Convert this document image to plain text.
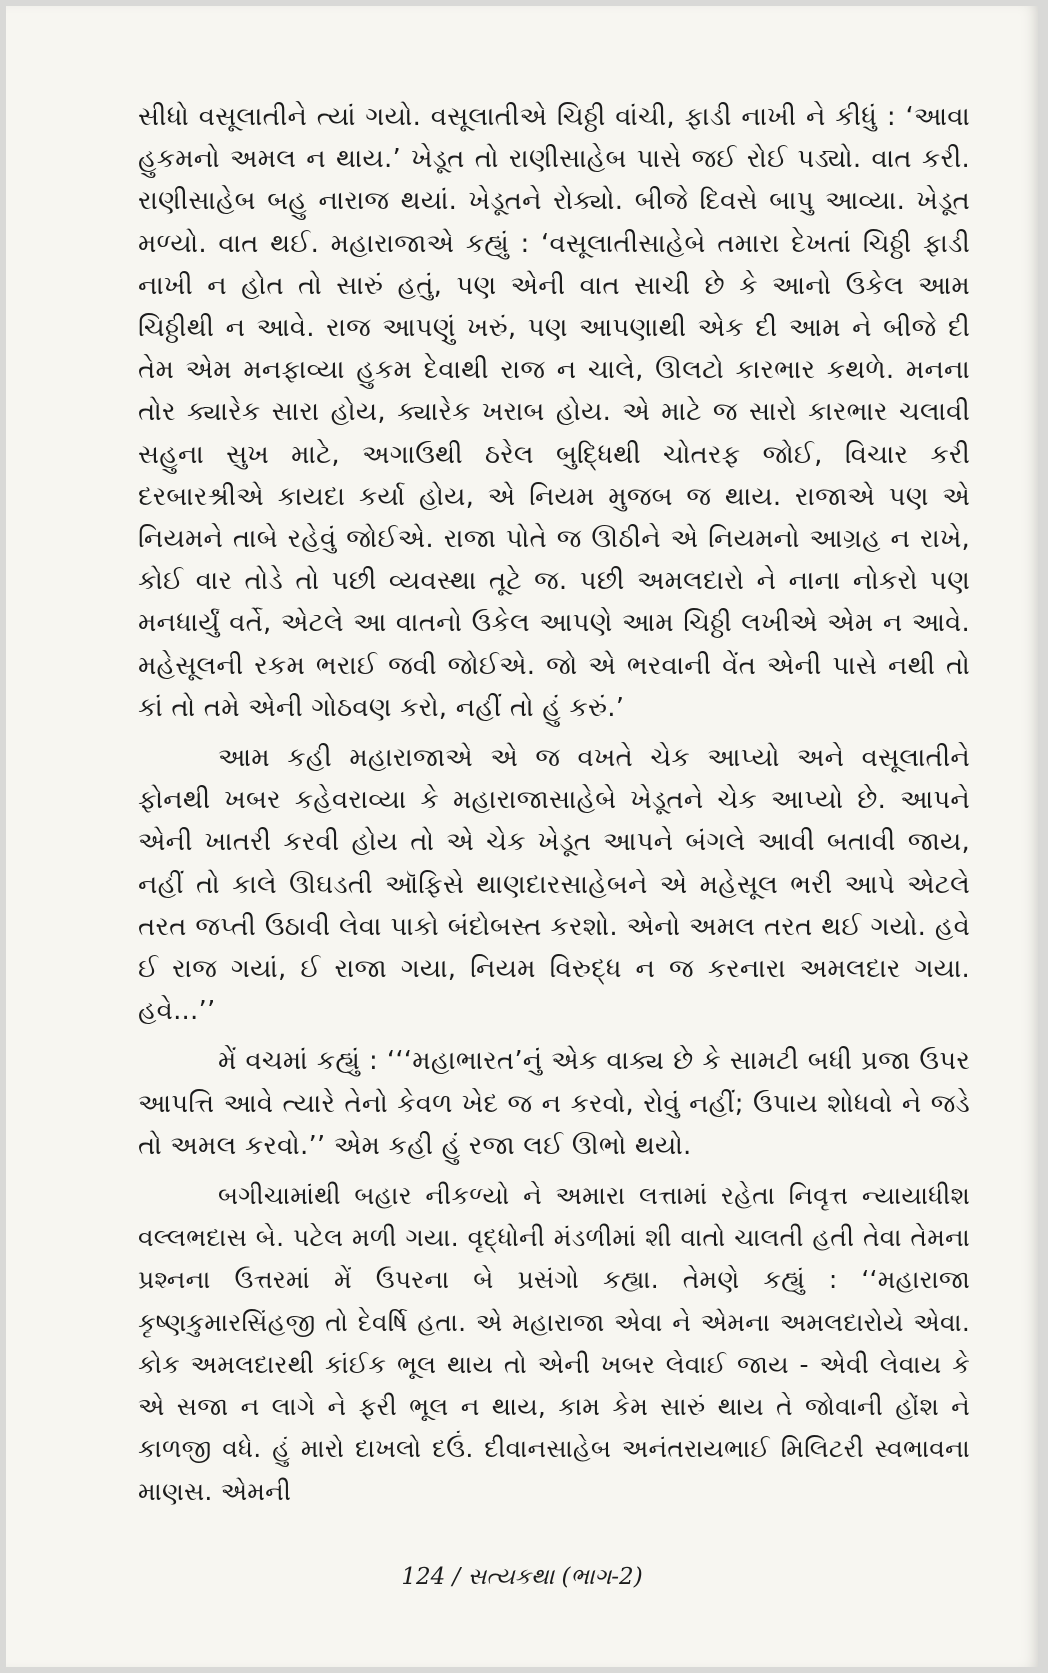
સીધો વસૂલાતીને ત્યાં ગયો. વસૂલાતીએ ચિઠ્ઠી વાંચી, ફાડી નાખી ને કીધું : ‘આવા હુકમનો અમલ ન થાય.’ ખેડૂત તો રાણીસાહેબ પાસે જઈ રોઈ પડ્યો. વાત કરી. રાણીસાહેબ બહુ નારાજ થયાં. ખેડૂતને રોક્યો. બીજે દિવસે બાપુ આવ્યા. ખેડૂત મળ્યો. વાત થઈ. મહારાજાએ કહ્યું : ‘વસૂલાતીસાહેબે તમારા દેખતાં ચિઠ્ઠી ફાડી નાખી ન હોત તો સારું હતું, પણ એની વાત સાચી છે કે આનો ઉકેલ આમ ચિઠ્ઠીથી ન આવે. રાજ આપણું ખરું, પણ આપણાથી એક દી આમ ને બીજે દી તેમ એમ મનફાવ્યા હુકમ દેવાથી રાજ ન ચાલે, ઊલટો કારભાર કથળે. મનના તોર ક્યારેક સારા હોય, ક્યારેક ખરાબ હોય. એ માટે જ સારો કારભાર ચલાવી સહુના સુખ માટે, અગાઉથી ઠરેલ બુદ્ધિથી ચોતરફ જોઈ, વિચાર કરી દરબારશ્રીએ કાયદા કર્યા હોય, એ નિયમ મુજબ જ થાય. રાજાએ પણ એ નિયમને તાબે રહેવું જોઈએ. રાજા પોતે જ ઊઠીને એ નિયમનો આગ્રહ ન રાખે, કોઈ વાર તોડે તો પછી વ્યવસ્થા તૂટે જ. પછી અમલદારો ને નાના નોકરો પણ મનધાર્યું વર્તે, એટલે આ વાતનો ઉકેલ આપણે આમ ચિઠ્ઠી લખીએ એમ ન આવે. મહેસૂલની રકમ ભરાઈ જવી જોઈએ. જો એ ભરવાની વેંત એની પાસે નથી તો કાં તો તમે એની ગોઠવણ કરો, નહીં તો હું કરું.’

આમ કહી મહારાજાએ એ જ વખતે ચેક આપ્યો અને વસૂલાતીને ફોનથી ખબર કહેવરાવ્યા કે મહારાજાસાહેબે ખેડૂતને ચેક આપ્યો છે. આપને એની ખાતરી કરવી હોય તો એ ચેક ખેડૂત આપને બંગલે આવી બતાવી જાય, નહીં તો કાલે ઊઘડતી ઑફિસે થાણદારસાહેબને એ મહેસૂલ ભરી આપે એટલે તરત જપ્તી ઉઠાવી લેવા પાકો બંદોબસ્ત કરશો. એનો અમલ તરત થઈ ગયો. હવે ઈ રાજ ગયાં, ઈ રાજા ગયા, નિયમ વિરુદ્ધ ન જ કરનારા અમલદાર ગયા. હવે...’’

મેં વચમાં કહ્યું : ‘‘‘મહાભારત’નું એક વાક્ય છે કે સામટી બધી પ્રજા ઉપર આપત્તિ આવે ત્યારે તેનો કેવળ ખેદ જ ન કરવો, રોવું નહીં; ઉપાય શોધવો ને જડે તો અમલ કરવો.’’ એમ કહી હું રજા લઈ ઊભો થયો.

બગીચામાંથી બહાર નીકળ્યો ને અમારા લત્તામાં રહેતા નિવૃત્ત ન્યાયાધીશ વલ્લભદાસ બે. પટેલ મળી ગયા. વૃદ્ધોની મંડળીમાં શી વાતો ચાલતી હતી તેવા તેમના પ્રશ્નના ઉત્તરમાં મેં ઉપરના બે પ્રસંગો કહ્યા. તેમણે કહ્યું : ‘‘મહારાજા કૃષ્ણકુમારસિંહજી તો દેવર્ષિ હતા. એ મહારાજા એવા ને એમના અમલદારોયે એવા. કોક અમલદારથી કાંઈક ભૂલ થાય તો એની ખબર લેવાઈ જાય - એવી લેવાય કે એ સજા ન લાગે ને ફરી ભૂલ ન થાય, કામ કેમ સારું થાય તે જોવાની હોંશ ને કાળજી વધે. હું મારો દાખલો દઉં. દીવાનસાહેબ અનંતરાયભાઈ મિલિટરી સ્વભાવના માણસ. એમની

124 / સત્યકથા (ભાગ-2)
